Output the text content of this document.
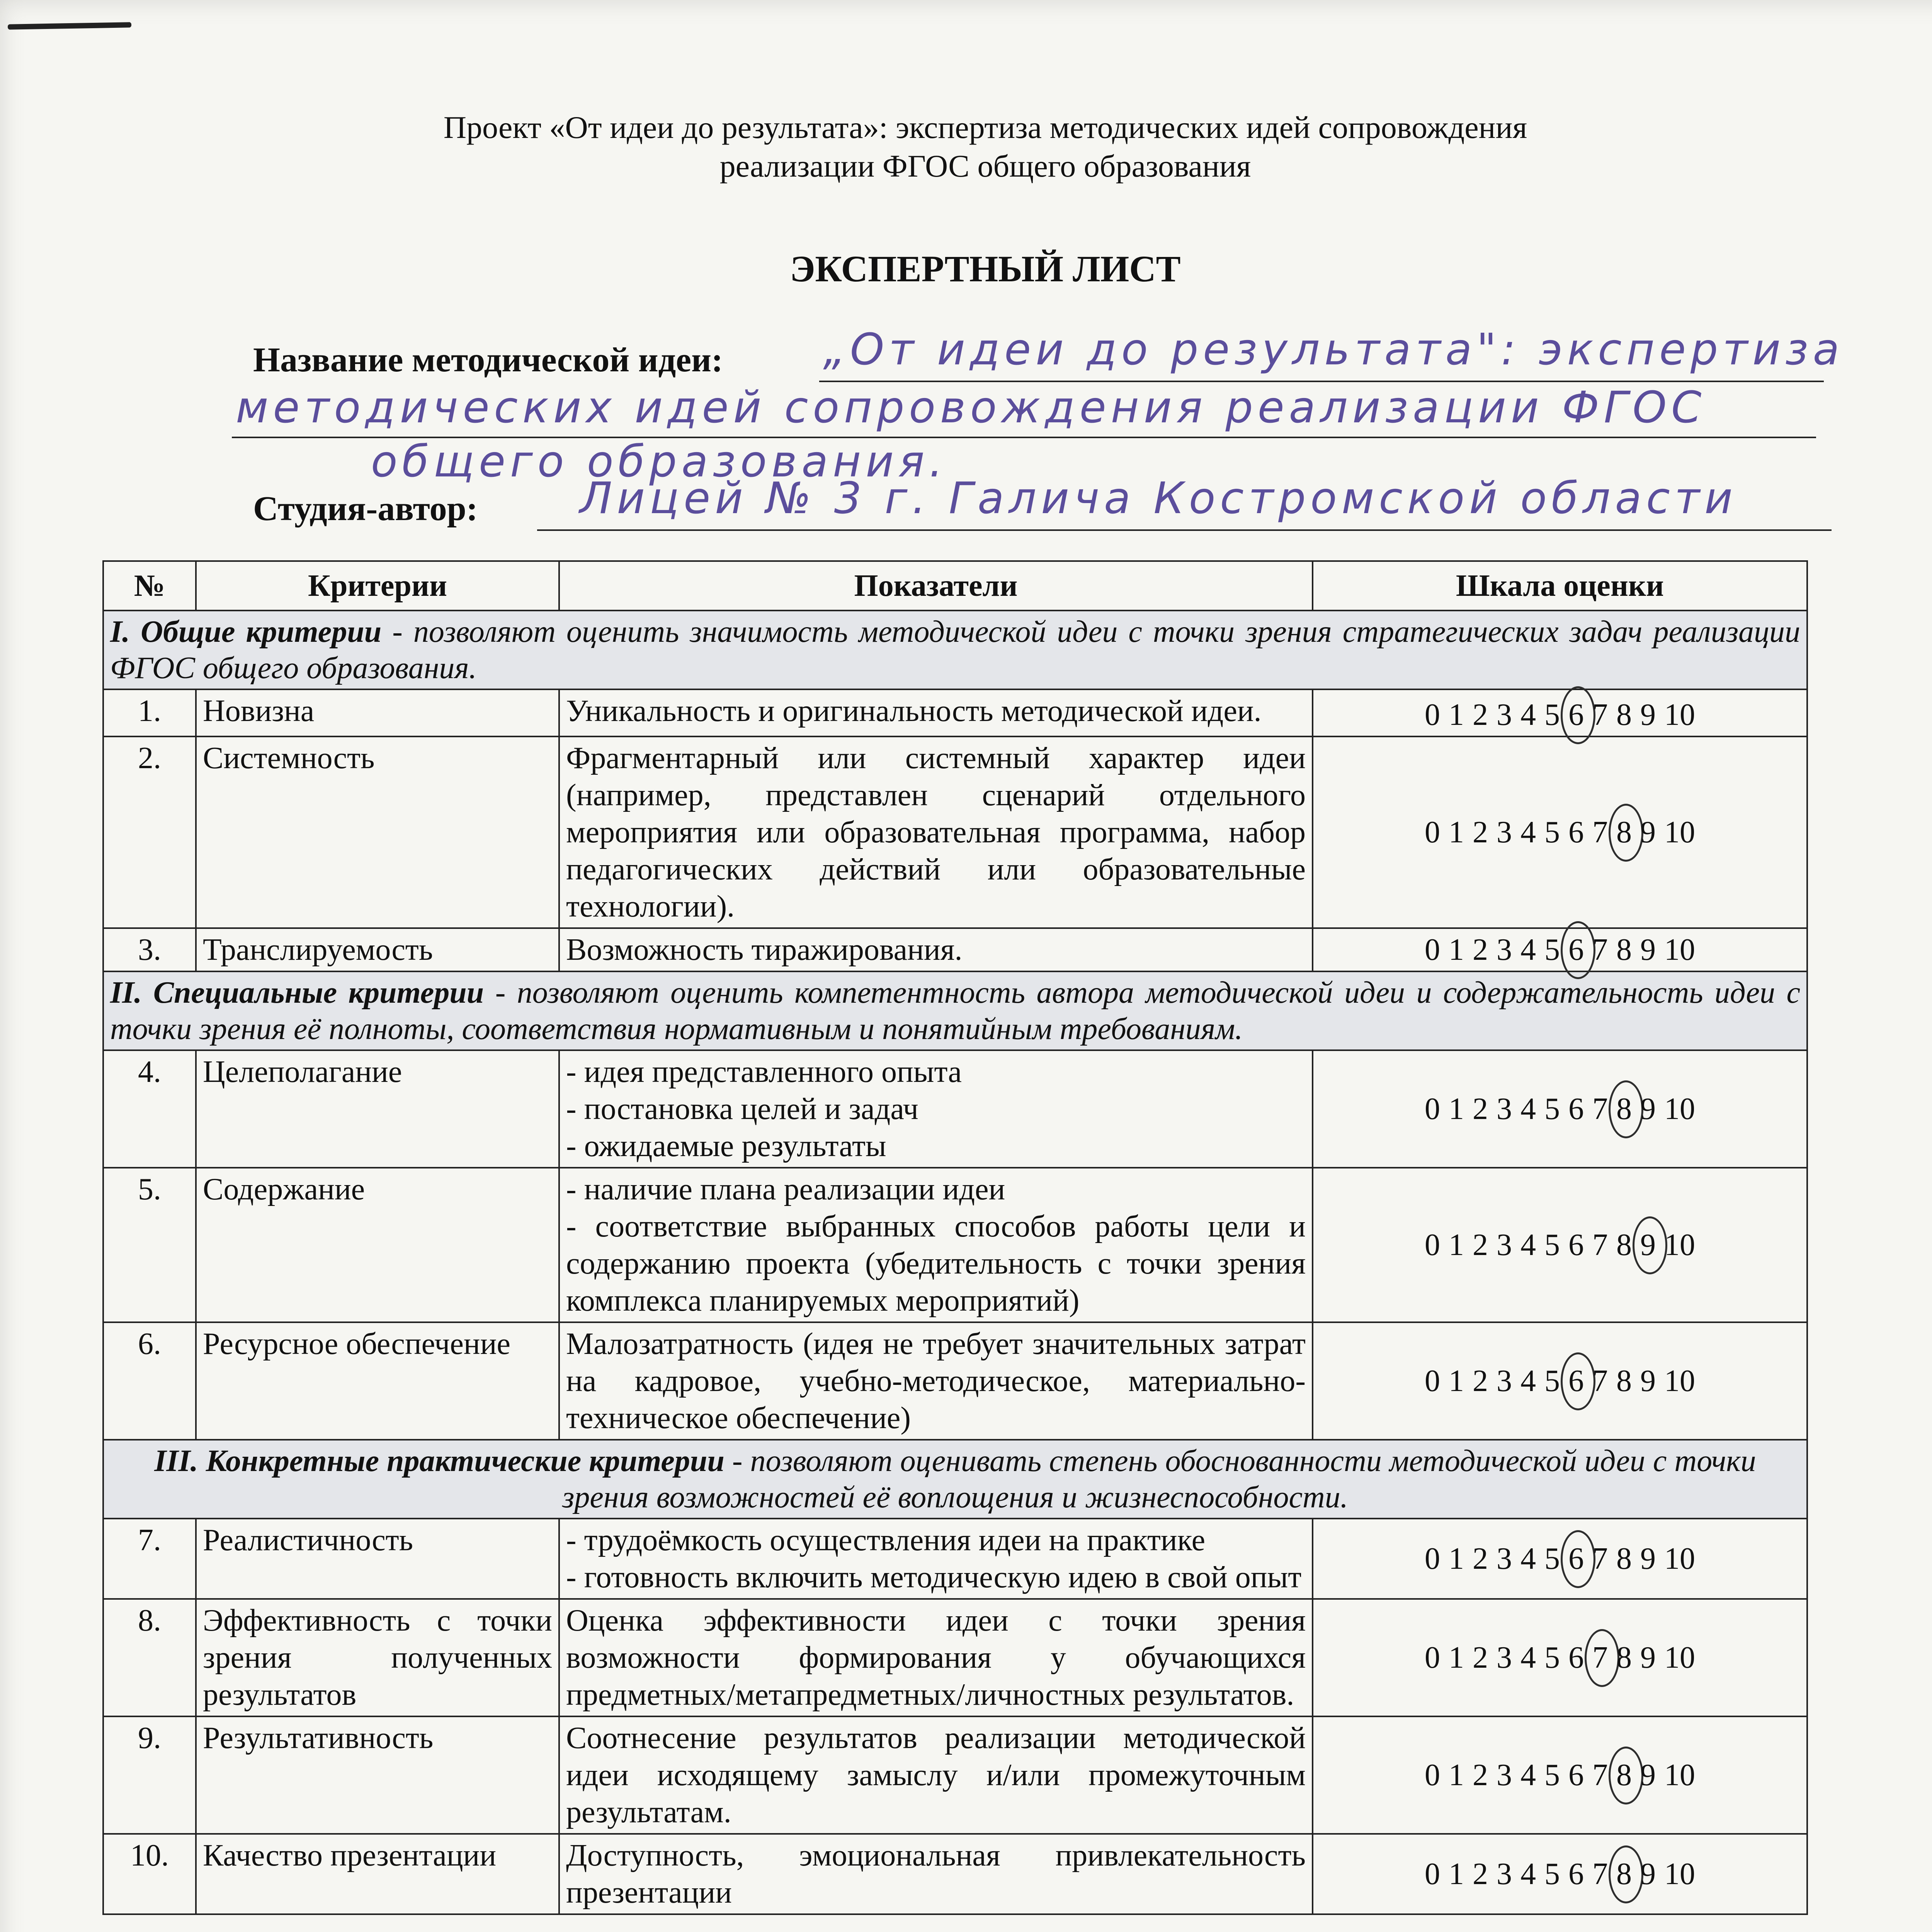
Проект «От идеи до результата»: экспертиза методических идей сопровождения
реализации ФГОС общего образования
ЭКСПЕРТНЫЙ ЛИСТ
Название методической идеи: „От идеи до результата": экспертиза
методических идей сопровождения реализации ФГОС
общего образования.
Студия-автор: Лицей № 3 г. Галича Костромской области
№	Критерии	Показатели	Шкала оценки
I. Общие критерии - позволяют оценить значимость методической идеи с точки зрения стратегических задач реализации ФГОС общего образования.			
1.	Новизна	Уникальность и оригинальность методической идеи.	0 1 2 3 4 5 6 7 8 9 10
2.	Системность	Фрагментарный или системный характер идеи (например, представлен сценарий отдельного мероприятия или образовательная программа, набор педагогических действий или образовательные технологии).	0 1 2 3 4 5 6 7 8 9 10
3.	Транслируемость	Возможность тиражирования.	0 1 2 3 4 5 6 7 8 9 10
II. Специальные критерии - позволяют оценить компетентность автора методической идеи и содержательность идеи с точки зрения её полноты, соответствия нормативным и понятийным требованиям.			
4.	Целеполагание	- идея представленного опыта
- постановка целей и задач
- ожидаемые результаты	0 1 2 3 4 5 6 7 8 9 10
5.	Содержание	- наличие плана реализации идеи
- соответствие выбранных способов работы цели и содержанию проекта (убедительность с точки зрения комплекса планируемых мероприятий)	0 1 2 3 4 5 6 7 8 9 10
6.	Ресурсное обеспечение	Малозатратность (идея не требует значительных затрат на кадровое, учебно-методическое, материально-техническое обеспечение)	0 1 2 3 4 5 6 7 8 9 10
III. Конкретные практические критерии - позволяют оценивать степень обоснованности методической идеи с точки зрения возможностей её воплощения и жизнеспособности.			
7.	Реалистичность	- трудоёмкость осуществления идеи на практике
- готовность включить методическую идею в свой опыт	0 1 2 3 4 5 6 7 8 9 10
8.	Эффективность с точки зрения полученных результатов	Оценка эффективности идеи с точки зрения возможности формирования у обучающихся предметных/метапредметных/личностных результатов.	0 1 2 3 4 5 6 7 8 9 10
9.	Результативность	Соотнесение результатов реализации методической идеи исходящему замыслу и/или промежуточным результатам.	0 1 2 3 4 5 6 7 8 9 10
10.	Качество презентации	Доступность, эмоциональная привлекательность презентации	0 1 2 3 4 5 6 7 8 9 10
